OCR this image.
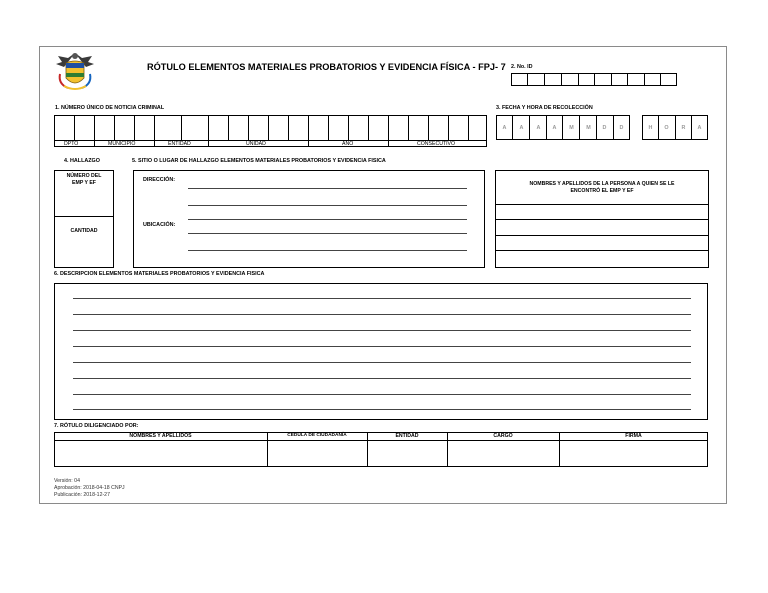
RÓTULO ELEMENTOS MATERIALES PROBATORIOS Y EVIDENCIA FÍSICA - FPJ- 7 2. No. ID
1. NÚMERO ÚNICO DE NOTICIA CRIMINAL
DPTO	MUNICIPIO	ENTIDAD	UNIDAD	AÑO	CONSECUTIVO
3. FECHA Y HORA DE RECOLECCIÓN
A	A	A	A	M	M	D	D	H	O	R	A
4. HALLAZGO	5. SITIO O LUGAR DE HALLAZGO ELEMENTOS MATERIALES PROBATORIOS Y EVIDENCIA FISICA
NÚMERO DEL
EMP Y EF
CANTIDAD
DIRECCIÓN:
UBICACIÓN:
NOMBRES Y APELLIDOS DE LA PERSONA A QUIEN SE LE
ENCONTRÓ EL EMP Y EF
6. DESCRIPCION ELEMENTOS MATERIALES PROBATORIOS Y EVIDENCIA FISICA
7. RÓTULO DILIGENCIADO POR:
NOMBRES Y APELLIDOS	CEDULA DE CIUDADANÍA	ENTIDAD	CARGO	FIRMA
Versión: 04
Aprobación: 2018-04-18 CNPJ
Publicación: 2018-12-27
